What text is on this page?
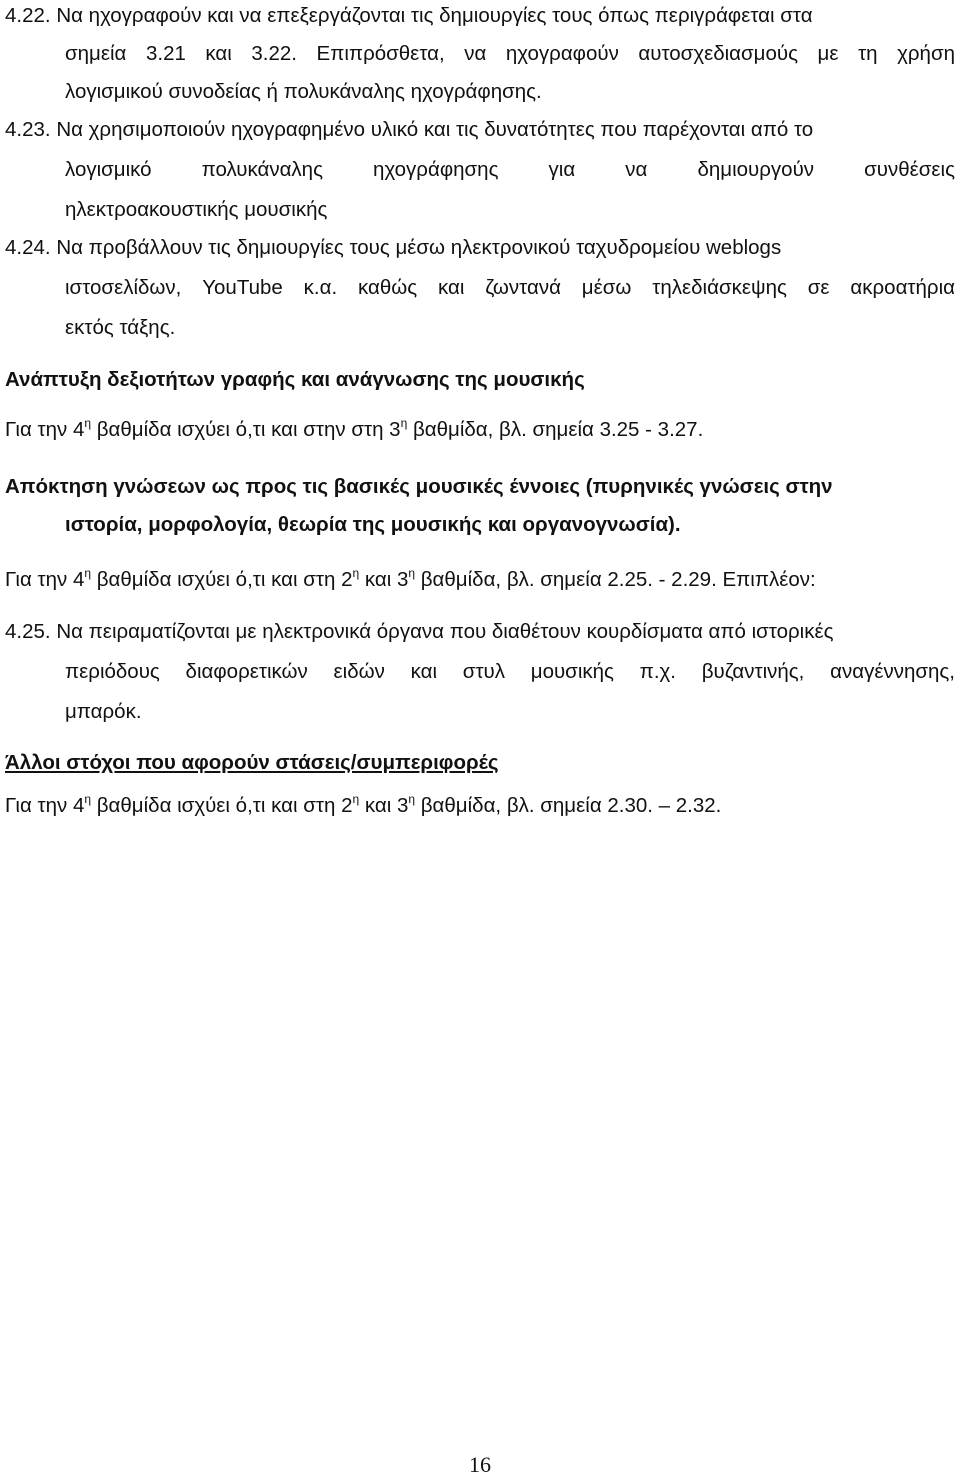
4.22. Να ηχογραφούν και να επεξεργάζονται τις δημιουργίες τους όπως περιγράφεται στα
σημεία 3.21 και 3.22. Επιπρόσθετα, να ηχογραφούν αυτοσχεδιασμούς με τη χρήση
λογισμικού συνοδείας ή πολυκάναλης ηχογράφησης.
4.23. Να χρησιμοποιούν ηχογραφημένο υλικό και τις δυνατότητες που παρέχονται από το
λογισμικό πολυκάναλης ηχογράφησης για να δημιουργούν συνθέσεις
ηλεκτροακουστικής μουσικής
4.24. Να προβάλλουν τις δημιουργίες τους μέσω ηλεκτρονικού ταχυδρομείου weblogs
ιστοσελίδων, YouTube κ.α. καθώς και ζωντανά μέσω τηλεδιάσκεψης σε ακροατήρια
εκτός τάξης.
Ανάπτυξη δεξιοτήτων γραφής και ανάγνωσης της μουσικής
Για την $4^\eta$ βαθμίδα ισχύει ό,τι και στην στη $3^\eta$ βαθμίδα, βλ. σημεία 3.25 - 3.27.
Απόκτηση γνώσεων ως προς τις βασικές μουσικές έννοιες (πυρηνικές γνώσεις στην
ιστορία, μορφολογία, θεωρία της μουσικής και οργανογνωσία).
Για την $4^\eta$ βαθμίδα ισχύει ό,τι και στη $2^\eta$ και $3^\eta$ βαθμίδα, βλ. σημεία 2.25. - 2.29. Επιπλέον:
4.25. Να πειραματίζονται με ηλεκτρονικά όργανα που διαθέτουν κουρδίσματα από ιστορικές
περιόδους διαφορετικών ειδών και στυλ μουσικής π.χ. βυζαντινής, αναγέννησης,
μπαρόκ.
Άλλοι στόχοι που αφορούν στάσεις/συμπεριφορές
Για την $4^\eta$ βαθμίδα ισχύει ό,τι και στη $2^\eta$ και $3^\eta$ βαθμίδα, βλ. σημεία 2.30. – 2.32.
16
